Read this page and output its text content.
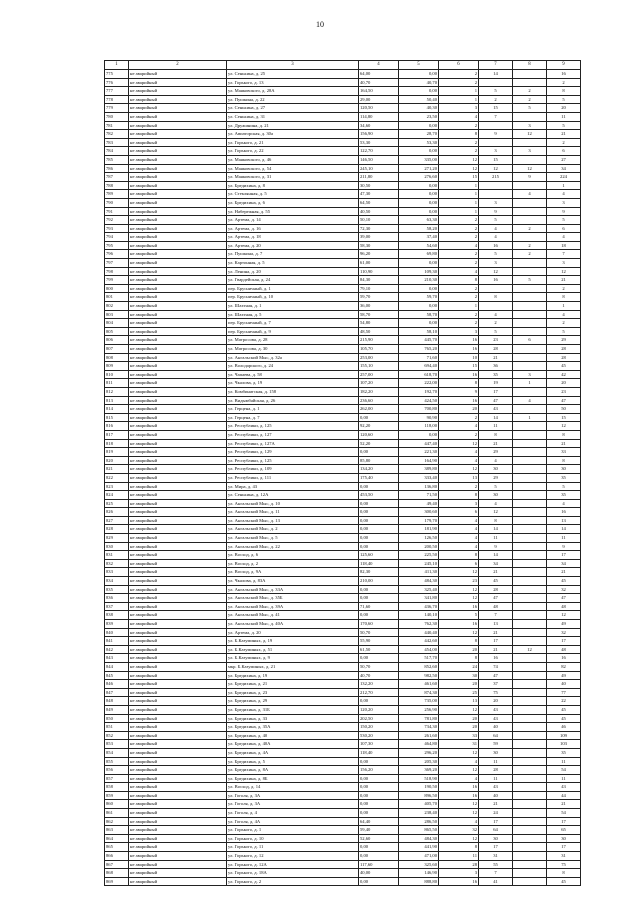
10
1	2	3	4	5	6	7	8	9
775	не аварийный	ул. Сенькина, д. 25	64,00	0,00	2	14		16
776	не аварийный	ул. Горького, д. 13	40,70	40,70	2			2
777	не аварийный	ул. Маяковского, д. 28А	164,50	0,00	1	5	2	8
778	не аварийный	ул. Пушкина, д. 22	29,00	50,40	1	2	2	5
779	не аварийный	ул. Сенькина, д. 27	120,50	40,30	3	15	5	20
780	не аварийный	ул. Сенькина, д. 31	114,80	23,50	4	7		11
781	не аварийный	ул. Дружинина, д. 21	34,60	0,00	2		3	5
782	не аварийный	ул. Авиаторская, д. 30а	156,90	28,70	8	9	12	21
783	не аварийный	ул. Горького, д. 21	53,30	53,30	2			2
784	не аварийный	ул. Горького, д. 22	122,70	0,00	2	3	3	6
785	не аварийный	ул. Маяковского, д. 46	146,50	335,00	12	15		27
786	не аварийный	ул. Маяковского, д. 54	245,10	271,20	12	12	12	34
787	не аварийный	ул. Маяковского, д. 31	211,80	276,60	15	215	9	224
788	не аварийный	ул. Бредихина, д. 8	30,50	0,00	1			1
789	не аварийный	ул. Стеклянная, д. 5	47,30	0,00	1		4	4
790	не аварийный	ул. Бредихина, д. 6	64,50	0,00	1	3		3
791	не аварийный	ул. Набережная, д. 55	40,50	0,00	1	9		9
792	не аварийный	ул. Артема, д. 14	50,10	63,30	2	5		5
793	не аварийный	ул. Артема, д. 16	72,30	58,20	2	4	2	6
794	не аварийный	ул. Артема, д. 18	39,00	37,40	2	4		4
795	не аварийный	ул. Артема, д. 20	58,30	54,60	4	16	2	18
796	не аварийный	ул. Пушкина, д. 7	96,20	69,80	2	5	2	7
797	не аварийный	ул. Картонная, д. 5	61,00	0,00	2	3		3
798	не аварийный	ул. Ленина, д. 20	110,90	109,30	4	12		12
799	не аварийный	ул. Гвардейская, д. 24	84,30	210,30	8	16	5	21
800	не аварийный	пер. Брусничный, д. 1	79,10	0,00	2			2
801	не аварийный	пер. Брусничный, д. 10	59,70	59,70	2	8		8
802	не аварийный	ул. Шахтная, д. 1	36,00	0,00	1			1
803	не аварийный	ул. Шахтная, д. 5	58,70	58,70	2	4		4
804	не аварийный	пер. Брусничный, д. 7	54,80	0,00	2	2		2
805	не аварийный	пер. Брусничный, д. 9	48,50	58,10	3	5		5
806	не аварийный	ул. Матросова, д. 28	215,90	445,70	16	23	6	29
807	не аварийный	ул. Матросова, д. 30	105,70	765,20	16	28		28
808	не аварийный	ул. Ангальский Мыс, д. 32а	253,00	71,60	10	21		28
809	не аварийный	ул. Володарского, д. 24	155,10	694,40	15	36		45
810	не аварийный	ул. Чапаева, д. 58	257,00	618,70	16	35	3	42
811	не аварийный	ул. Чкалова, д. 19	107,20	222,00	8	19	1	20
812	не аварийный	ул. Комбинатская, д. 158	182,20	192,70	9	17		23
813	не аварийный	ул. Видымбайская, д. 26	236,60	424,50	16	47	4	47
814	не аварийный	ул. Герцена, д. 1	262,00	700,80	20	43		50
815	не аварийный	ул. Герцена, д. 7	0,00	90,90	2	14	1	15
816	не аварийный	ул. Республики, д. 125	92,20	118,00	4	11		12
817	не аварийный	ул. Республики, д. 127	120,60	0,00	2	8		8
818	не аварийный	ул. Республики, д. 127А	52,20	447,40	12	21		21
819	не аварийный	ул. Республики, д. 129	0,00	221,30	4	29		33
820	не аварийный	ул. Республики, д. 125	85,80	164,90	4	4		8
821	не аварийный	ул. Республики, д. 109	134,20	389,80	12	30		30
822	не аварийный	ул. Республики, д. 111	175,40	333,40	13	29		35
823	не аварийный	ул. Мира, д. 43	0,00	136,80	2	5		5
824	не аварийный	ул. Сенькина, д. 12А	453,50	71,50	8	30		35
825	не аварийный	ул. Ангальский Мыс, д. 10	0,00	49,40	3	4		4
826	не аварийный	ул. Ангальский Мыс, д. 11	0,00	300,60	6	12		16
827	не аварийный	ул. Ангальский Мыс, д. 13	0,00	179,70	4	8		13
828	не аварийный	ул. Ангальский Мыс, д. 2	0,00	181,90	4	14		14
829	не аварийный	ул. Ангальский Мыс, д. 5	0,00	126,50	4	11		11
830	не аварийный	ул. Ангальский Мыс, д. 22	0,00	200,50	4	9		9
831	не аварийный	ул. Восход, д. 6	125,60	225,50	8	14		17
832	не аварийный	ул. Восход, д. 2	118,40	245,10	6	34		34
833	не аварийный	ул. Восход, д. 9А	82,30	411,30	12	21		21
834	не аварийный	ул. Чкалова, д. 83А	210,00	484,30	23	45		45
835	не аварийный	ул. Ангальский Мыс, д. 33А	0,00	325,40	12	28		32
836	не аварийный	ул. Ангальский Мыс, д. 35Б	0,00	341,80	12	47		47
837	не аварийный	ул. Ангальский Мыс, д. 39А	71,60	436,70	16	48		48
838	не аварийный	ул. Ангальский Мыс, д. 41	0,00	140,10	5	7		12
839	не аварийный	ул. Ангальский Мыс, д. 40А	170,60	762,30	16	13		49
840	не аварийный	ул. Артема, д. 20	50,70	440,40	12	21		32
841	не аварийный	ул. Б.Казуминых, д. 19	55,90	442,60	8	17		17
842	не аварийный	ул. Б.Казуминых, д. 51	61,50	454,00	20	21	12	48
843	не аварийный	ул. Б.Казуминых, д. 9	0,00	517,70	8	16		16
844	не аварийный	мкр. Б.Казуминых, д. 21	50,70	852,60	24	74		82
845	не аварийный	ул. Бредихина, д. 19	40,70	982,50	30	47		49
846	не аварийный	ул. Бредихина, д. 21	132,20	461,60	20	37		40
847	не аварийный	ул. Бредихина, д. 23	212,70	874,30	25	75		77
848	не аварийный	ул. Бредихина, д. 29	0,00	735,00	13	20		22
849	не аварийный	ул. Бредихина, д. 31Б	120,20	256,90	12	43		45
850	не аварийный	ул. Бредихина, д. 33	202,50	781,80	20	43		45
851	не аварийный	ул. Бредихина, д. 35А	150,20	734,30	20	40		46
852	не аварийный	ул. Бредихина, д. 40	530,20	261,60	33	64		109
853	не аварийный	ул. Бредихина, д. 40А	107,30	464,80	31	59		103
854	не аварийный	ул. Бредихина, д. 4А	118,40	296,20	12	30		35
855	не аварийный	ул. Бредихина, д. 5	0,00	205,30	4	11		11
856	не аварийный	ул. Бредихина, д. 8А	156,20	369,20	12	28		54
857	не аварийный	ул. Бредихина, д. 8Б	0,00	518,90	4	11		11
858	не аварийный	ул. Восход, д. 14	0,00	190,50	16	43		43
859	не аварийный	ул. Гоголя, д. 3А	0,00	896,50	16	40		44
860	не аварийный	ул. Гоголя, д. 3А	0,00	405,70	12	21		21
861	не аварийный	ул. Гоголя, д. 4	0,00	238,40	12	24		54
862	не аварийный	ул. Гоголя, д. 4А	64,40	286,50	4	17		17
863	не аварийный	ул. Горького, д. 1	59,40	865,50	32	64		65
864	не аварийный	ул. Горького, д. 10	52,60	484,30	12	30		30
865	не аварийный	ул. Горького, д. 11	0,00	441,90	8	17		17
866	не аварийный	ул. Горького, д. 12	0,00	471,00	11	31		31
867	не аварийный	ул. Горького, д. 12А	117,60	325,60	28	55		75
868	не аварийный	ул. Горького, д. 18А	40,00	146,90	3	7		8
869	не аварийный	ул. Горького, д. 2	0,00	888,80	16	41		45
